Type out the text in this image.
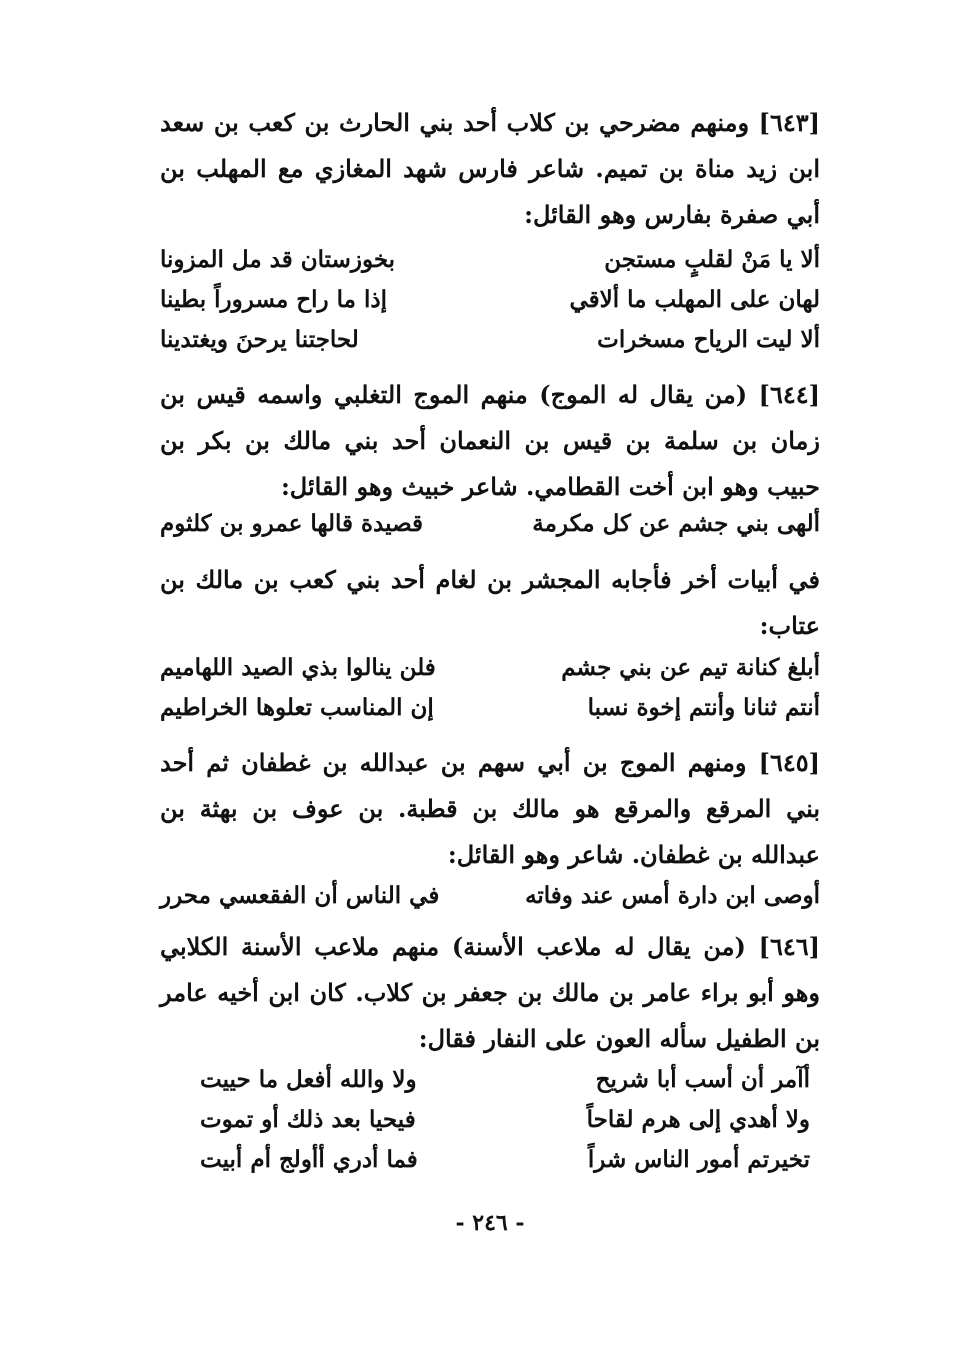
[٦٤٣] ومنهم مضرحي بن كلاب أحد بني الحارث بن كعب بن سعد ابن زيد مناة بن تميم. شاعر فارس شهد المغازي مع المهلب بن أبي صفرة بفارس وهو القائل:

ألا يا مَنْ لقلبٍ مستجن
بخوزستان قد مل المزونا
لهان على المهلب ما ألاقي
إذا ما راح مسروراً بطينا
ألا ليت الرياح مسخرات
لحاجتنا يرحنَ ويغتدينا

[٦٤٤] (من يقال له الموج) منهم الموج التغلبي واسمه قيس بن زمان بن سلمة بن قيس بن النعمان أحد بني مالك بن بكر بن حبيب وهو ابن أخت القطامي. شاعر خبيث وهو القائل:

ألهى بني جشم عن كل مكرمة
قصيدة قالها عمرو بن كلثوم

في أبيات أخر فأجابه المجشر بن لغام أحد بني كعب بن مالك بن عتاب:

أبلغ كنانة تيم عن بني جشم
فلن ينالوا بذي الصيد اللهاميم
أنتم ثنانا وأنتم إخوة نسبا
إن المناسب تعلوها الخراطيم

[٦٤٥] ومنهم الموج بن أبي سهم بن عبدالله بن غطفان ثم أحد بني المرقع والمرقع هو مالك بن قطبة. بن عوف بن بهثة بن عبدالله بن غطفان. شاعر وهو القائل:

أوصى ابن دارة أمس عند وفاته
في الناس أن الفقعسي محرر

[٦٤٦] (من يقال له ملاعب الأسنة) منهم ملاعب الأسنة الكلابي وهو أبو براء عامر بن مالك بن جعفر بن كلاب. كان ابن أخيه عامر بن الطفيل سأله العون على النفار فقال:

أآمر أن أسب أبا شريح
ولا والله أفعل ما حييت
ولا أهدي إلى هرم لقاحاً
فيحيا بعد ذلك أو تموت
تخيرتم أمور الناس شراً
فما أدري أأولج أم أبيت
- ٢٤٦ -
